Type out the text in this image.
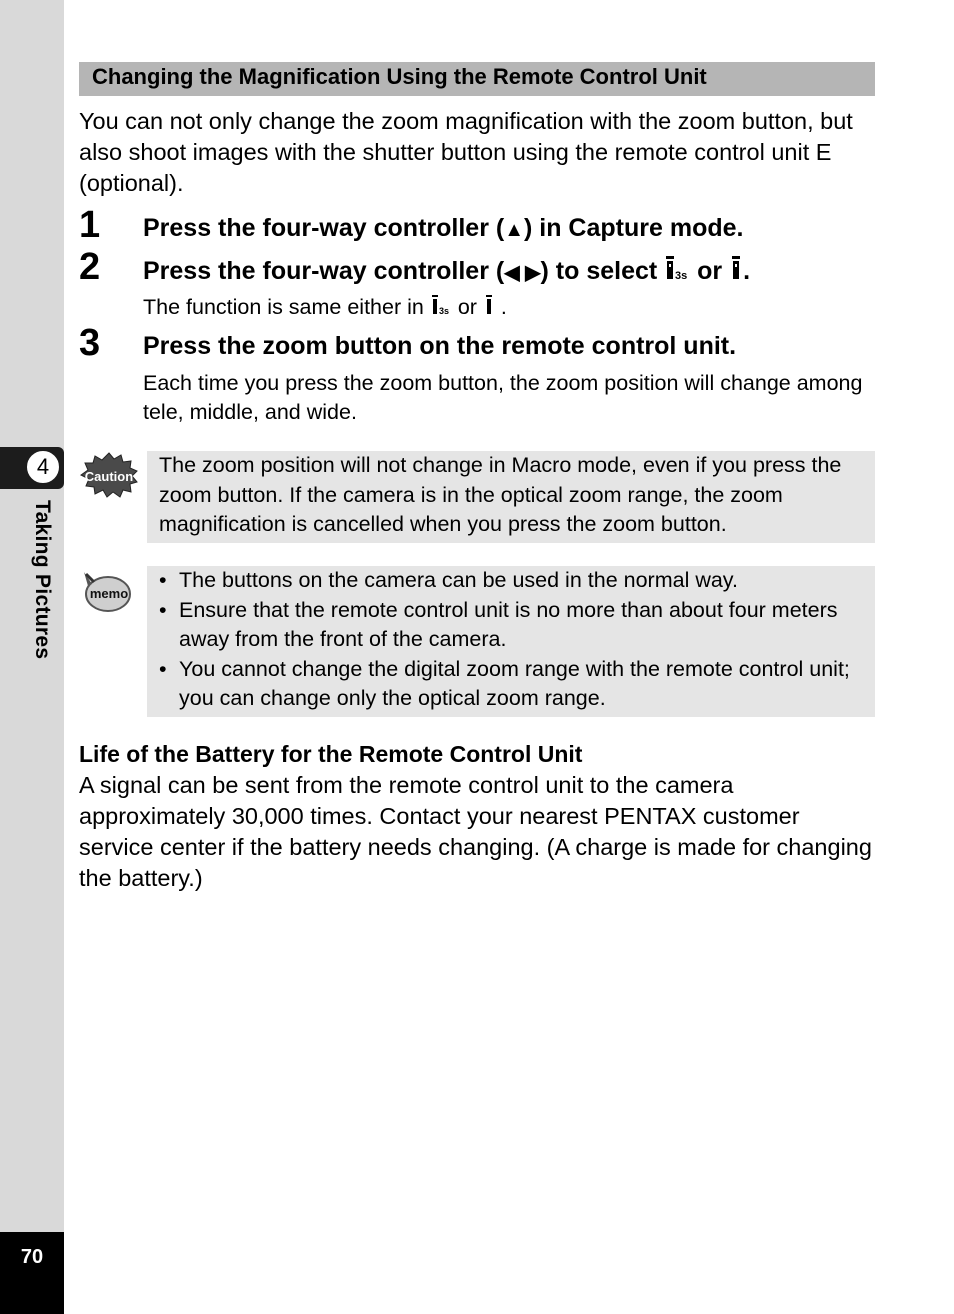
4
Taking Pictures
70
Changing the Magnification Using the Remote Control Unit
You can not only change the zoom magnification with the zoom button, but also shoot images with the shutter button using the remote control unit E (optional).
1 Press the four-way controller (▲) in Capture mode.
2 Press the four-way controller (◀ ▶) to select 3s or .
The function is same either in 3s or .
3 Press the zoom button on the remote control unit.
Each time you press the zoom button, the zoom position will change among tele, middle, and wide.
Caution The zoom position will not change in Macro mode, even if you press the zoom button. If the camera is in the optical zoom range, the zoom magnification is cancelled when you press the zoom button.
memo
• The buttons on the camera can be used in the normal way.
• Ensure that the remote control unit is no more than about four meters away from the front of the camera.
• You cannot change the digital zoom range with the remote control unit; you can change only the optical zoom range.
Life of the Battery for the Remote Control Unit
A signal can be sent from the remote control unit to the camera approximately 30,000 times. Contact your nearest PENTAX customer service center if the battery needs changing. (A charge is made for changing the battery.)
